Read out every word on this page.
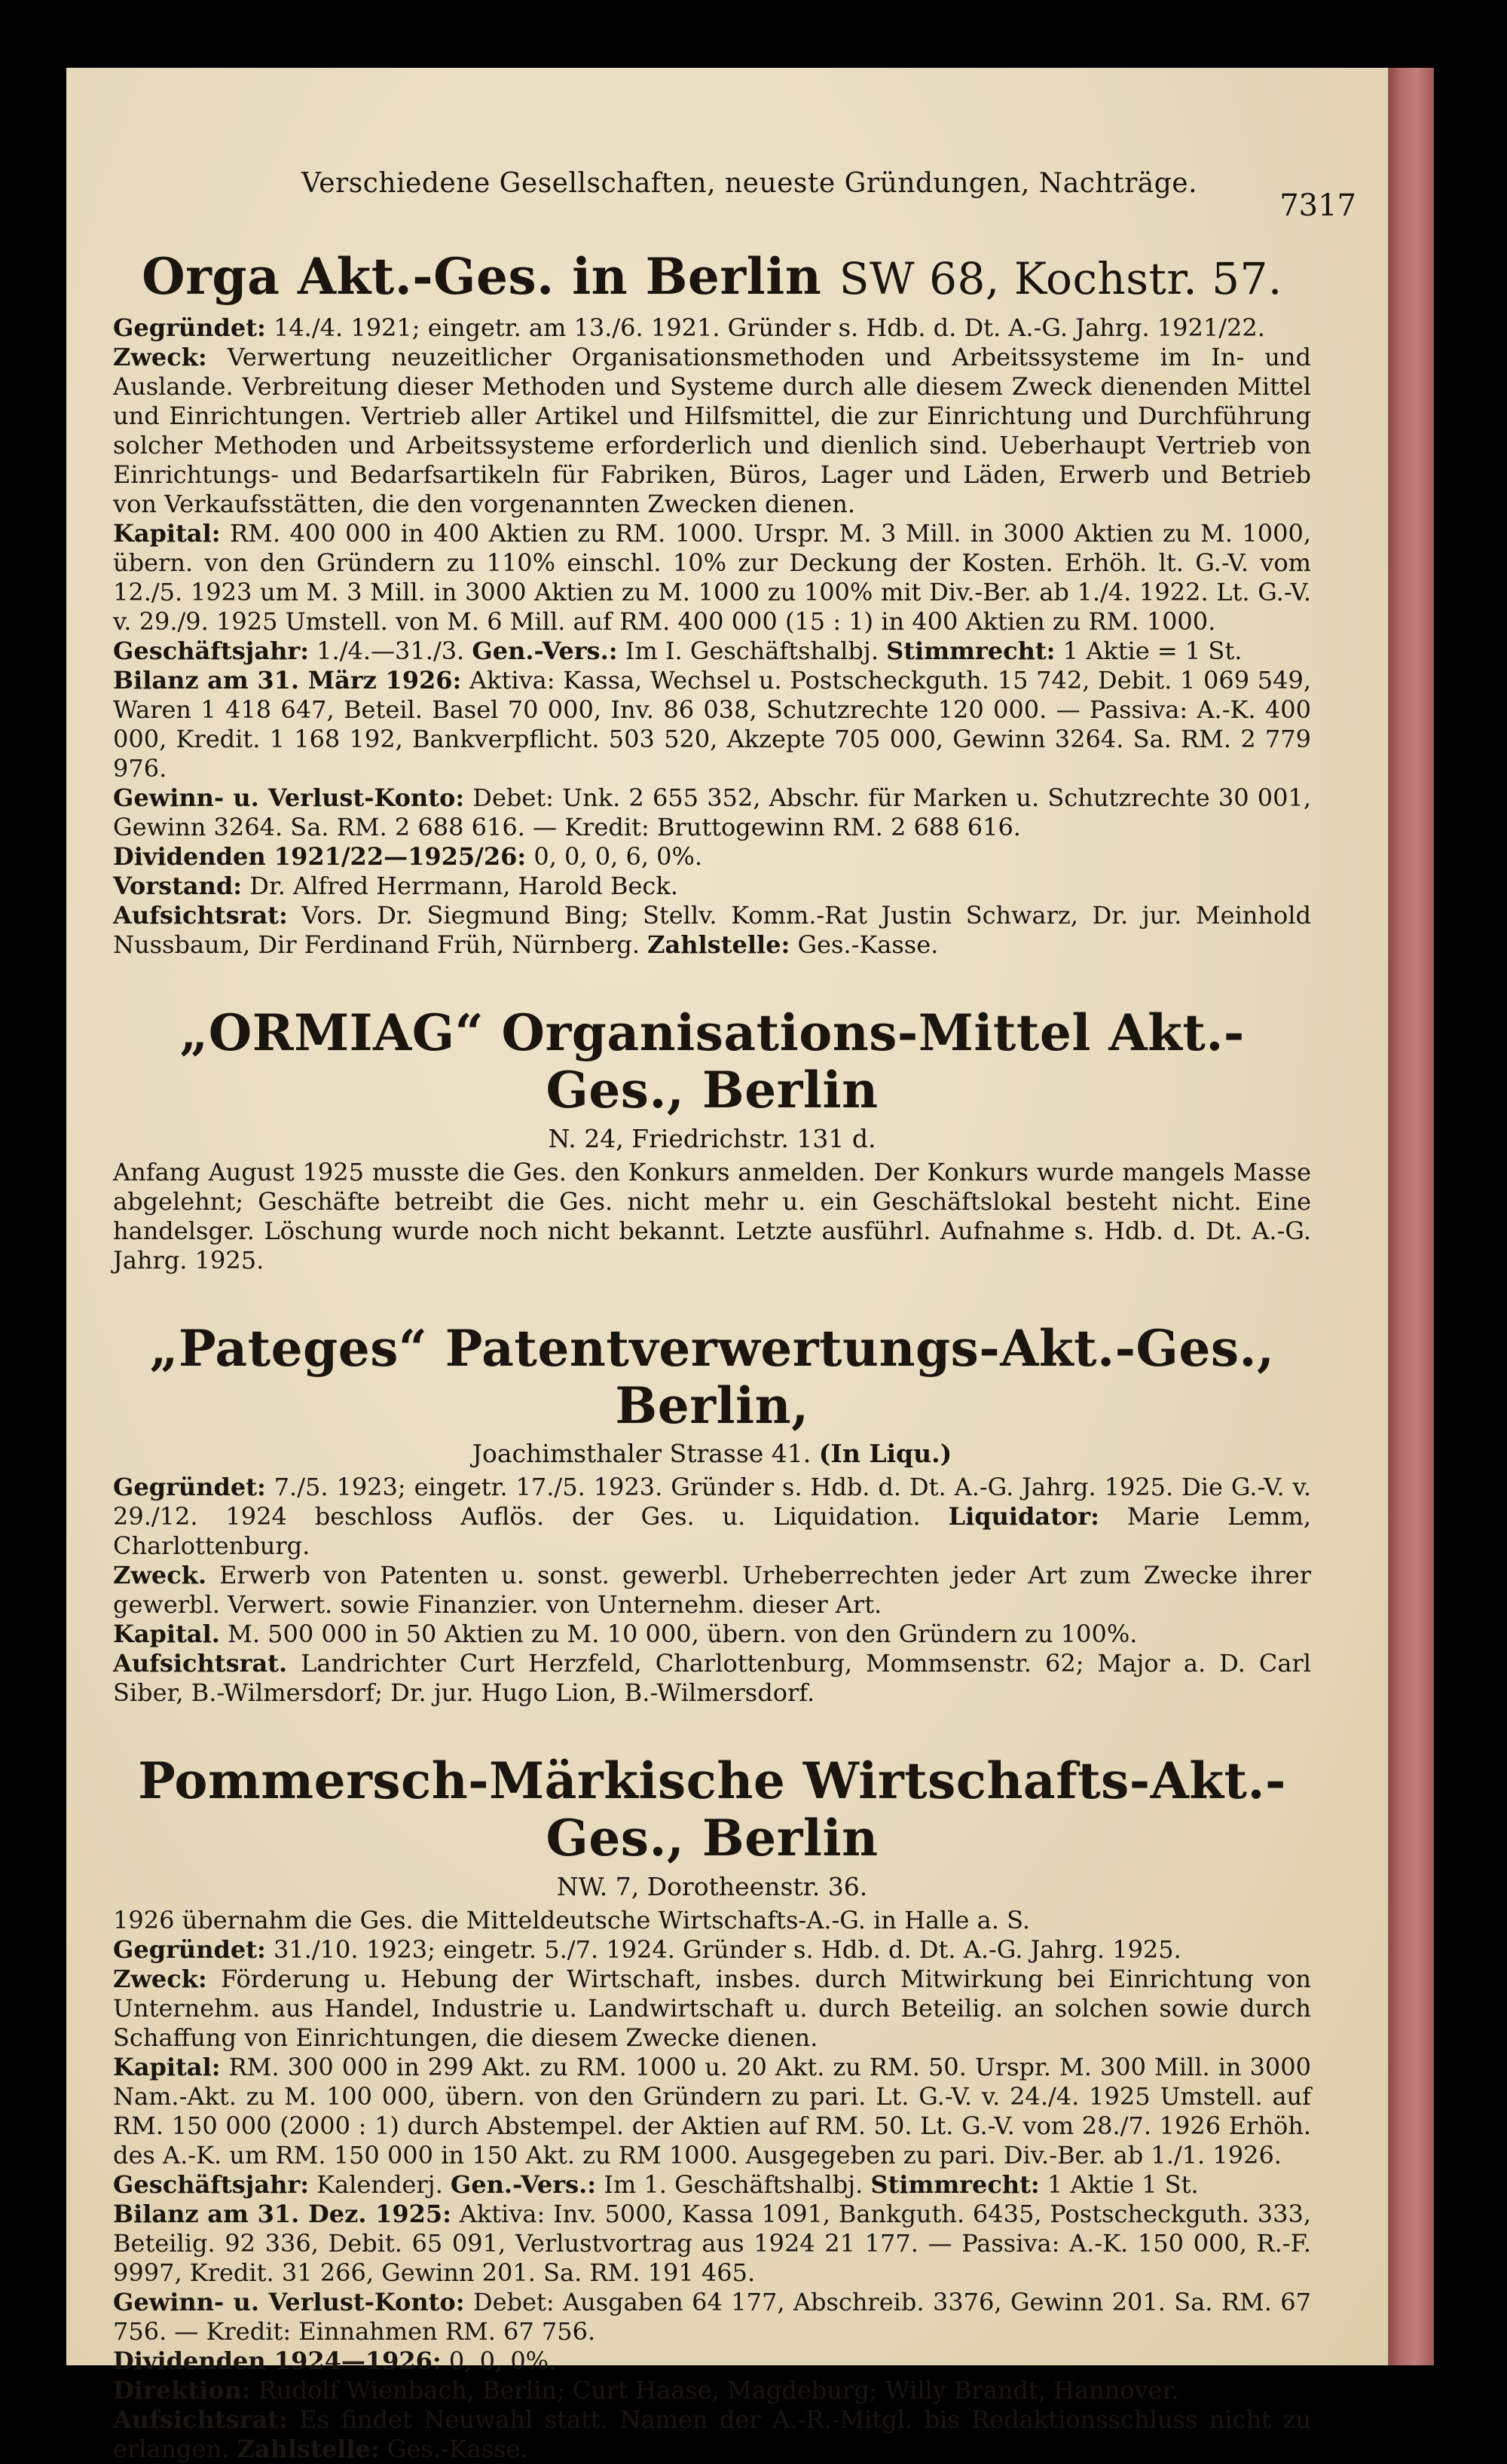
Verschiedene Gesellschaften, neueste Gründungen, Nachträge.
7317
Orga Akt.-Ges. in Berlin SW 68, Kochstr. 57.

Gegründet: 14./4. 1921; eingetr. am 13./6. 1921. Gründer s. Hdb. d. Dt. A.-G. Jahrg. 1921/22.

Zweck: Verwertung neuzeitlicher Organisationsmethoden und Arbeitssysteme im In- und Auslande. Verbreitung dieser Methoden und Systeme durch alle diesem Zweck dienenden Mittel und Einrichtungen. Vertrieb aller Artikel und Hilfsmittel, die zur Einrichtung und Durchführung solcher Methoden und Arbeitssysteme erforderlich und dienlich sind. Ueberhaupt Vertrieb von Einrichtungs- und Bedarfsartikeln für Fabriken, Büros, Lager und Läden, Erwerb und Betrieb von Verkaufsstätten, die den vorgenannten Zwecken dienen.

Kapital: RM. 400 000 in 400 Aktien zu RM. 1000. Urspr. M. 3 Mill. in 3000 Aktien zu M. 1000, übern. von den Gründern zu 110% einschl. 10% zur Deckung der Kosten. Erhöh. lt. G.-V. vom 12./5. 1923 um M. 3 Mill. in 3000 Aktien zu M. 1000 zu 100% mit Div.-Ber. ab 1./4. 1922. Lt. G.-V. v. 29./9. 1925 Umstell. von M. 6 Mill. auf RM. 400 000 (15 : 1) in 400 Aktien zu RM. 1000.

Geschäftsjahr: 1./4.—31./3. Gen.-Vers.: Im I. Geschäftshalbj. Stimmrecht: 1 Aktie = 1 St.

Bilanz am 31. März 1926: Aktiva: Kassa, Wechsel u. Postscheckguth. 15 742, Debit. 1 069 549, Waren 1 418 647, Beteil. Basel 70 000, Inv. 86 038, Schutzrechte 120 000. — Passiva: A.-K. 400 000, Kredit. 1 168 192, Bankverpflicht. 503 520, Akzepte 705 000, Gewinn 3264. Sa. RM. 2 779 976.

Gewinn- u. Verlust-Konto: Debet: Unk. 2 655 352, Abschr. für Marken u. Schutzrechte 30 001, Gewinn 3264. Sa. RM. 2 688 616. — Kredit: Bruttogewinn RM. 2 688 616.

Dividenden 1921/22—1925/26: 0, 0, 0, 6, 0%.

Vorstand: Dr. Alfred Herrmann, Harold Beck.

Aufsichtsrat: Vors. Dr. Siegmund Bing; Stellv. Komm.-Rat Justin Schwarz, Dr. jur. Meinhold Nussbaum, Dir Ferdinand Früh, Nürnberg. Zahlstelle: Ges.-Kasse.

„ORMIAG“ Organisations-Mittel Akt.-Ges., Berlin
N. 24, Friedrichstr. 131 d.

Anfang August 1925 musste die Ges. den Konkurs anmelden. Der Konkurs wurde mangels Masse abgelehnt; Geschäfte betreibt die Ges. nicht mehr u. ein Geschäftslokal besteht nicht. Eine handelsger. Löschung wurde noch nicht bekannt. Letzte ausführl. Aufnahme s. Hdb. d. Dt. A.-G. Jahrg. 1925.

„Pateges“ Patentverwertungs-Akt.-Ges., Berlin,
Joachimsthaler Strasse 41. (In Liqu.)

Gegründet: 7./5. 1923; eingetr. 17./5. 1923. Gründer s. Hdb. d. Dt. A.-G. Jahrg. 1925. Die G.-V. v. 29./12. 1924 beschloss Auflös. der Ges. u. Liquidation. Liquidator: Marie Lemm, Charlottenburg.

Zweck. Erwerb von Patenten u. sonst. gewerbl. Urheberrechten jeder Art zum Zwecke ihrer gewerbl. Verwert. sowie Finanzier. von Unternehm. dieser Art.

Kapital. M. 500 000 in 50 Aktien zu M. 10 000, übern. von den Gründern zu 100%.

Aufsichtsrat. Landrichter Curt Herzfeld, Charlottenburg, Mommsenstr. 62; Major a. D. Carl Siber, B.-Wilmersdorf; Dr. jur. Hugo Lion, B.-Wilmersdorf.

Pommersch-Märkische Wirtschafts-Akt.-Ges., Berlin
NW. 7, Dorotheenstr. 36.

1926 übernahm die Ges. die Mitteldeutsche Wirtschafts-A.-G. in Halle a. S.

Gegründet: 31./10. 1923; eingetr. 5./7. 1924. Gründer s. Hdb. d. Dt. A.-G. Jahrg. 1925.

Zweck: Förderung u. Hebung der Wirtschaft, insbes. durch Mitwirkung bei Einrichtung von Unternehm. aus Handel, Industrie u. Landwirtschaft u. durch Beteilig. an solchen sowie durch Schaffung von Einrichtungen, die diesem Zwecke dienen.

Kapital: RM. 300 000 in 299 Akt. zu RM. 1000 u. 20 Akt. zu RM. 50. Urspr. M. 300 Mill. in 3000 Nam.-Akt. zu M. 100 000, übern. von den Gründern zu pari. Lt. G.-V. v. 24./4. 1925 Umstell. auf RM. 150 000 (2000 : 1) durch Abstempel. der Aktien auf RM. 50. Lt. G.-V. vom 28./7. 1926 Erhöh. des A.-K. um RM. 150 000 in 150 Akt. zu RM 1000. Ausgegeben zu pari. Div.-Ber. ab 1./1. 1926.

Geschäftsjahr: Kalenderj. Gen.-Vers.: Im 1. Geschäftshalbj. Stimmrecht: 1 Aktie 1 St.

Bilanz am 31. Dez. 1925: Aktiva: Inv. 5000, Kassa 1091, Bankguth. 6435, Postscheckguth. 333, Beteilig. 92 336, Debit. 65 091, Verlustvortrag aus 1924 21 177. — Passiva: A.-K. 150 000, R.-F. 9997, Kredit. 31 266, Gewinn 201. Sa. RM. 191 465.

Gewinn- u. Verlust-Konto: Debet: Ausgaben 64 177, Abschreib. 3376, Gewinn 201. Sa. RM. 67 756. — Kredit: Einnahmen RM. 67 756.

Dividenden 1924—1926: 0, 0, 0%.

Direktion: Rudolf Wienbach, Berlin; Curt Haase, Magdeburg; Willy Brandt, Hannover.

Aufsichtsrat: Es findet Neuwahl statt. Namen der A.-R.-Mitgl. bis Redaktionsschluss nicht zu erlangen. Zahlstelle: Ges.-Kasse.
